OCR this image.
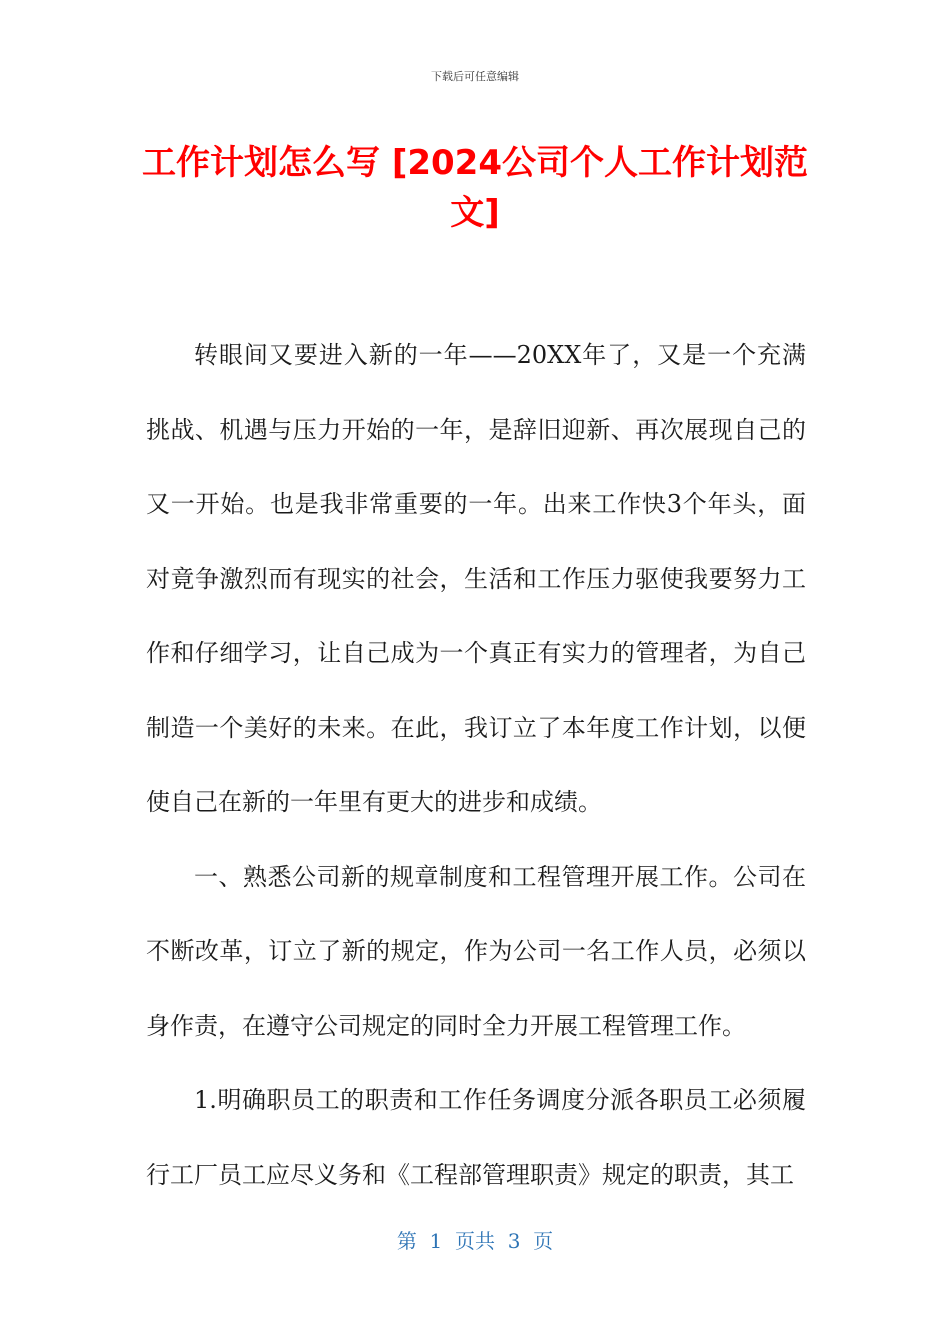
下载后可任意编辑
工作计划怎么写 [2024公司个人工作计划范文]

转眼间又要进入新的一年——20XX年了，又是一个充满挑战、机遇与压力开始的一年，是辞旧迎新、再次展现自己的又一开始。也是我非常重要的一年。出来工作快3个年头，面对竟争激烈而有现实的社会，生活和工作压力驱使我要努力工作和仔细学习，让自己成为一个真正有实力的管理者，为自己制造一个美好的未来。在此，我订立了本年度工作计划，以便使自己在新的一年里有更大的进步和成绩。

一、熟悉公司新的规章制度和工程管理开展工作。公司在不断改革，订立了新的规定，作为公司一名工作人员，必须以身作责，在遵守公司规定的同时全力开展工程管理工作。

1.明确职员工的职责和工作任务调度分派各职员工必须履行工厂员工应尽义务和《工程部管理职责》规定的职责，其工

第  1  页共  3  页
